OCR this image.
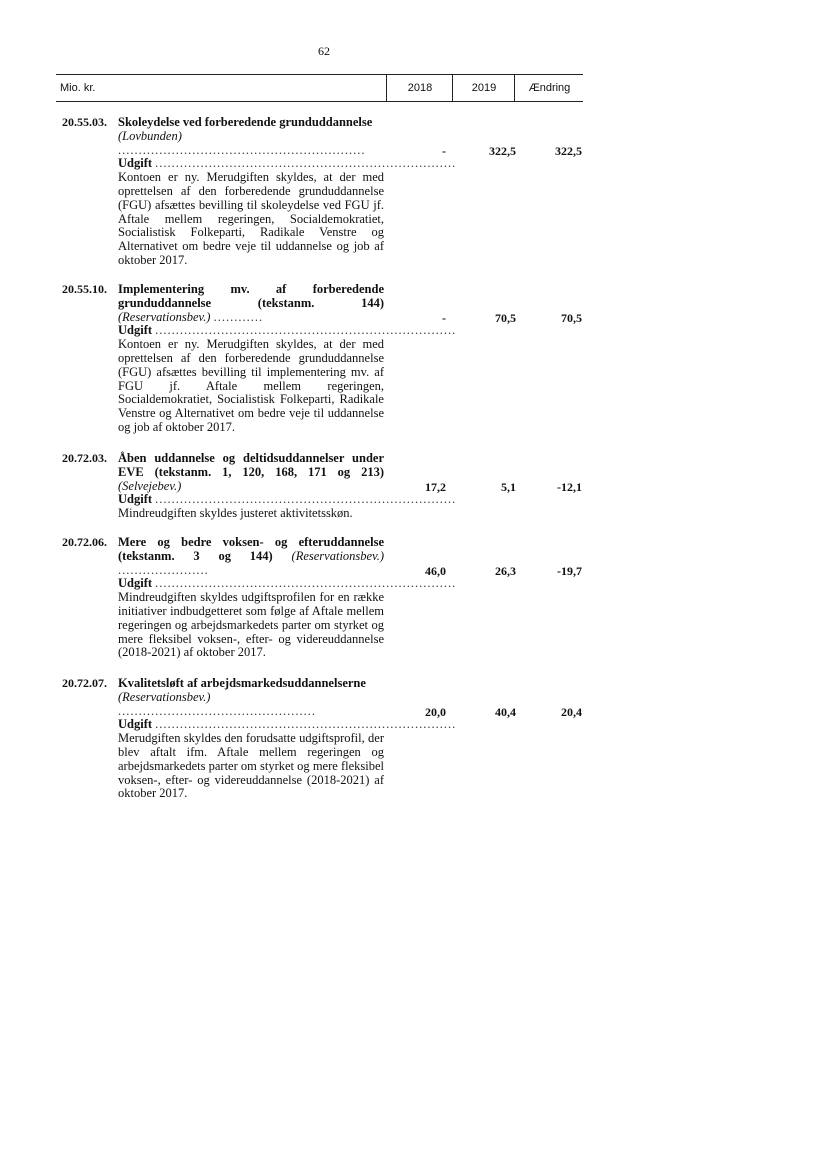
62
Mio. kr.	2018	2019	Ændring
20.55.03. Skoleydelse ved forberedende grunduddannelse
(Lovbunden) ............................................................
Udgift .........................................................................
Kontoen er ny. Merudgiften skyldes, at der med oprettelsen af den forberedende grunduddannelse (FGU) afsættes bevilling til skoleydelse ved FGU jf. Aftale mellem regeringen, Socialdemokratiet, Socialistisk Folkeparti, Radikale Venstre og Alternativet om bedre veje til uddannelse og job af oktober 2017.
-	322,5	322,5
20.55.10. Implementering mv. af forberedende grunduddannelse (tekstanm. 144) (Reservationsbev.) ............
Udgift .........................................................................
Kontoen er ny. Merudgiften skyldes, at der med oprettelsen af den forberedende grunduddannelse (FGU) afsættes bevilling til implementering mv. af FGU jf. Aftale mellem regeringen, Socialdemokratiet, Socialistisk Folkeparti, Radikale Venstre og Alternativet om bedre veje til uddannelse og job af oktober 2017.
-	70,5	70,5
20.72.03. Åben uddannelse og deltidsuddannelser under EVE (tekstanm. 1, 120, 168, 171 og 213) (Selvejebev.)
Udgift .........................................................................
Mindreudgiften skyldes justeret aktivitetsskøn.
17,2	5,1	-12,1
20.72.06. Mere og bedre voksen- og efteruddannelse (tekstanm. 3 og 144) (Reservationsbev.) ......................
Udgift .........................................................................
Mindreudgiften skyldes udgiftsprofilen for en række initiativer indbudgetteret som følge af Aftale mellem regeringen og arbejdsmarkedets parter om styrket og mere fleksibel voksen-, efter- og videreuddannelse (2018-2021) af oktober 2017.
46,0	26,3	-19,7
20.72.07. Kvalitetsløft af arbejdsmarkedsuddannelserne
(Reservationsbev.) ................................................
Udgift .........................................................................
Merudgiften skyldes den forudsatte udgiftsprofil, der blev aftalt ifm. Aftale mellem regeringen og arbejdsmarkedets parter om styrket og mere fleksibel voksen-, efter- og videreuddannelse (2018-2021) af oktober 2017.
20,0	40,4	20,4
